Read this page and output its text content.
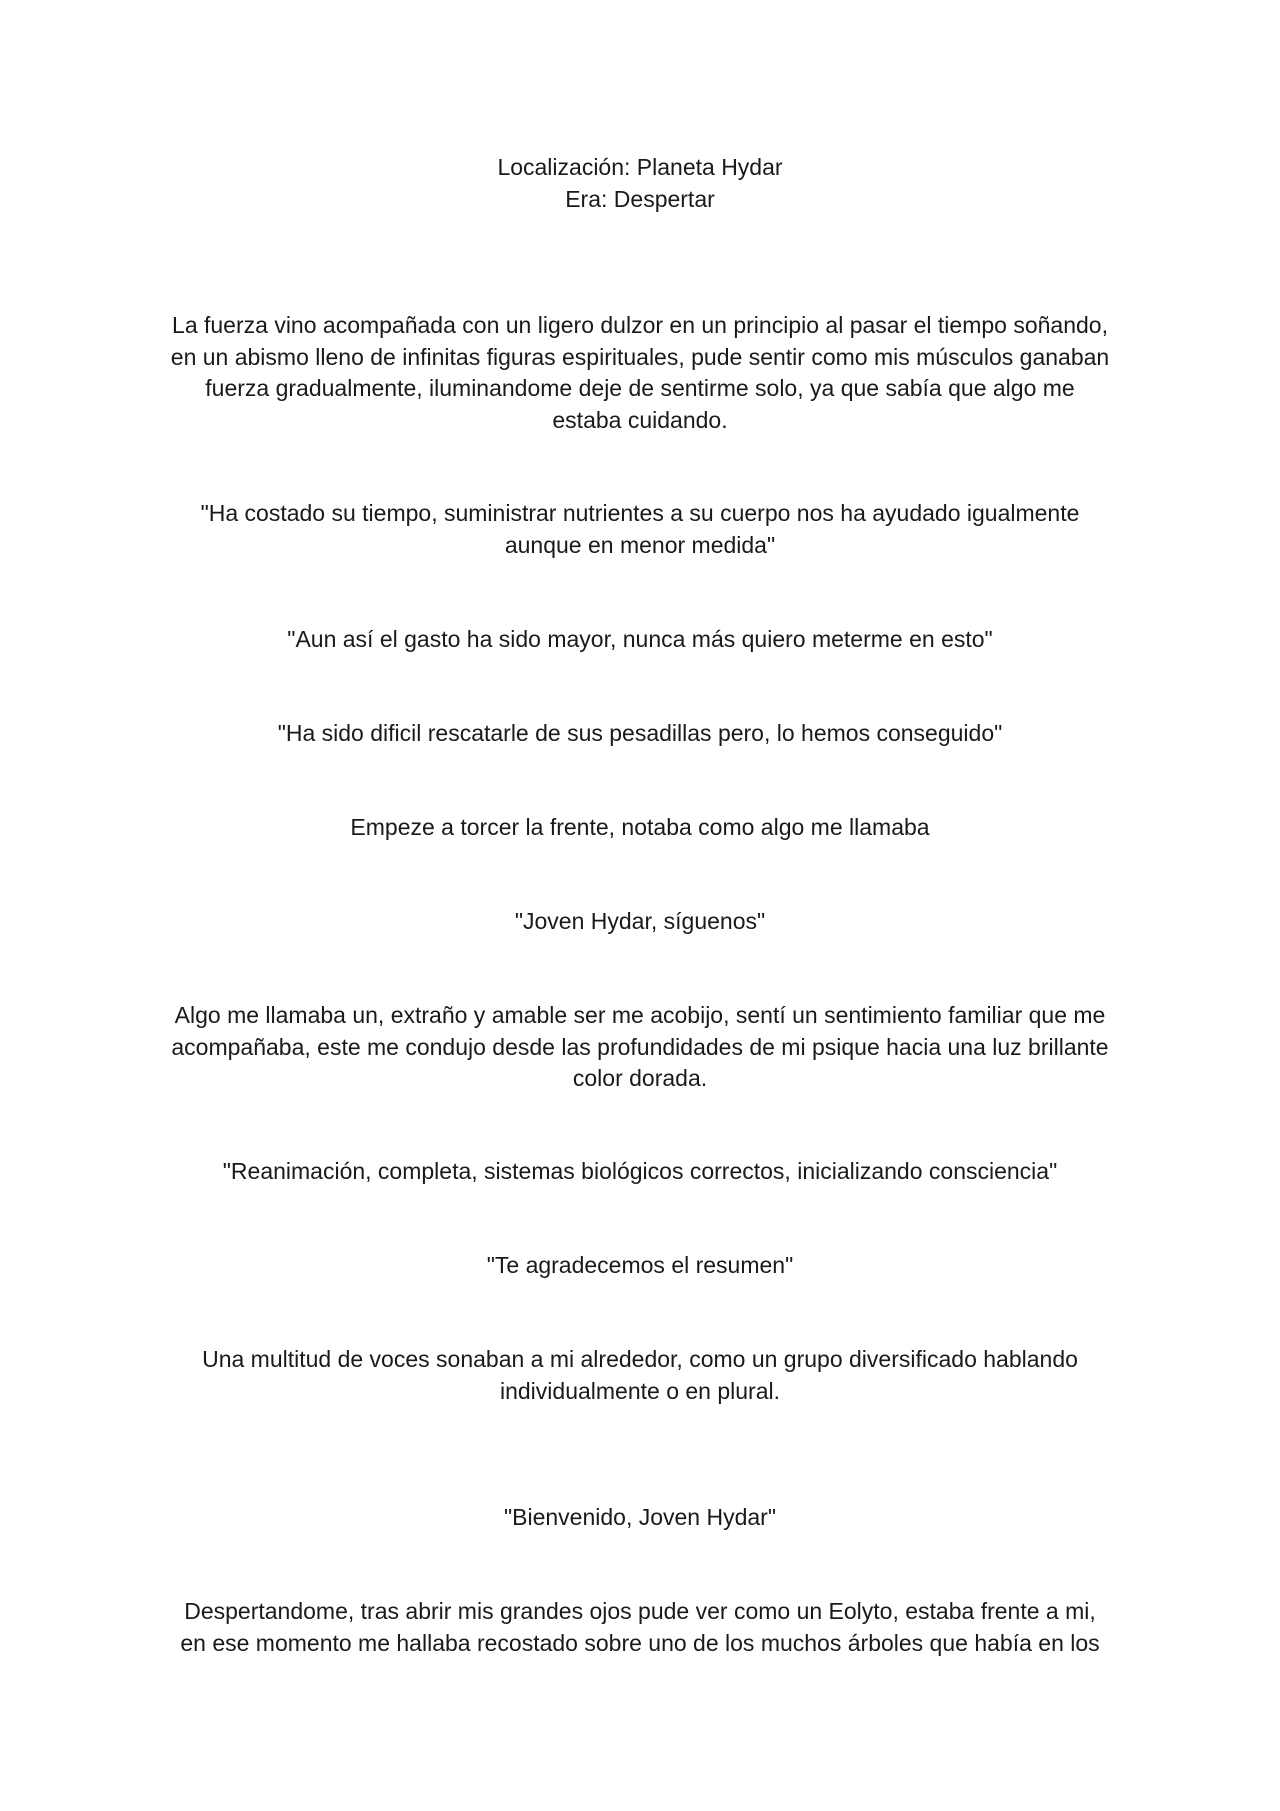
Localización: Planeta Hydar
Era: Despertar

La fuerza vino acompañada con un ligero dulzor en un principio al pasar el tiempo soñando,
en un abismo lleno de infinitas figuras espirituales, pude sentir como mis músculos ganaban
fuerza gradualmente, iluminandome deje de sentirme solo, ya que sabía que algo me
estaba cuidando.

"Ha costado su tiempo, suministrar nutrientes a su cuerpo nos ha ayudado igualmente
aunque en menor medida"

"Aun así el gasto ha sido mayor, nunca más quiero meterme en esto"

"Ha sido dificil rescatarle de sus pesadillas pero, lo hemos conseguido"

Empeze a torcer la frente, notaba como algo me llamaba

"Joven Hydar, síguenos"

Algo me llamaba un, extraño y amable ser me acobijo, sentí un sentimiento familiar que me
acompañaba, este me condujo desde las profundidades de mi psique hacia una luz brillante
color dorada.

"Reanimación, completa, sistemas biológicos correctos, inicializando consciencia"

"Te agradecemos el resumen"

Una multitud de voces sonaban a mi alrededor, como un grupo diversificado hablando
individualmente o en plural.

"Bienvenido, Joven Hydar"

Despertandome, tras abrir mis grandes ojos pude ver como un Eolyto, estaba frente a mi,
en ese momento me hallaba recostado sobre uno de los muchos árboles que había en los
